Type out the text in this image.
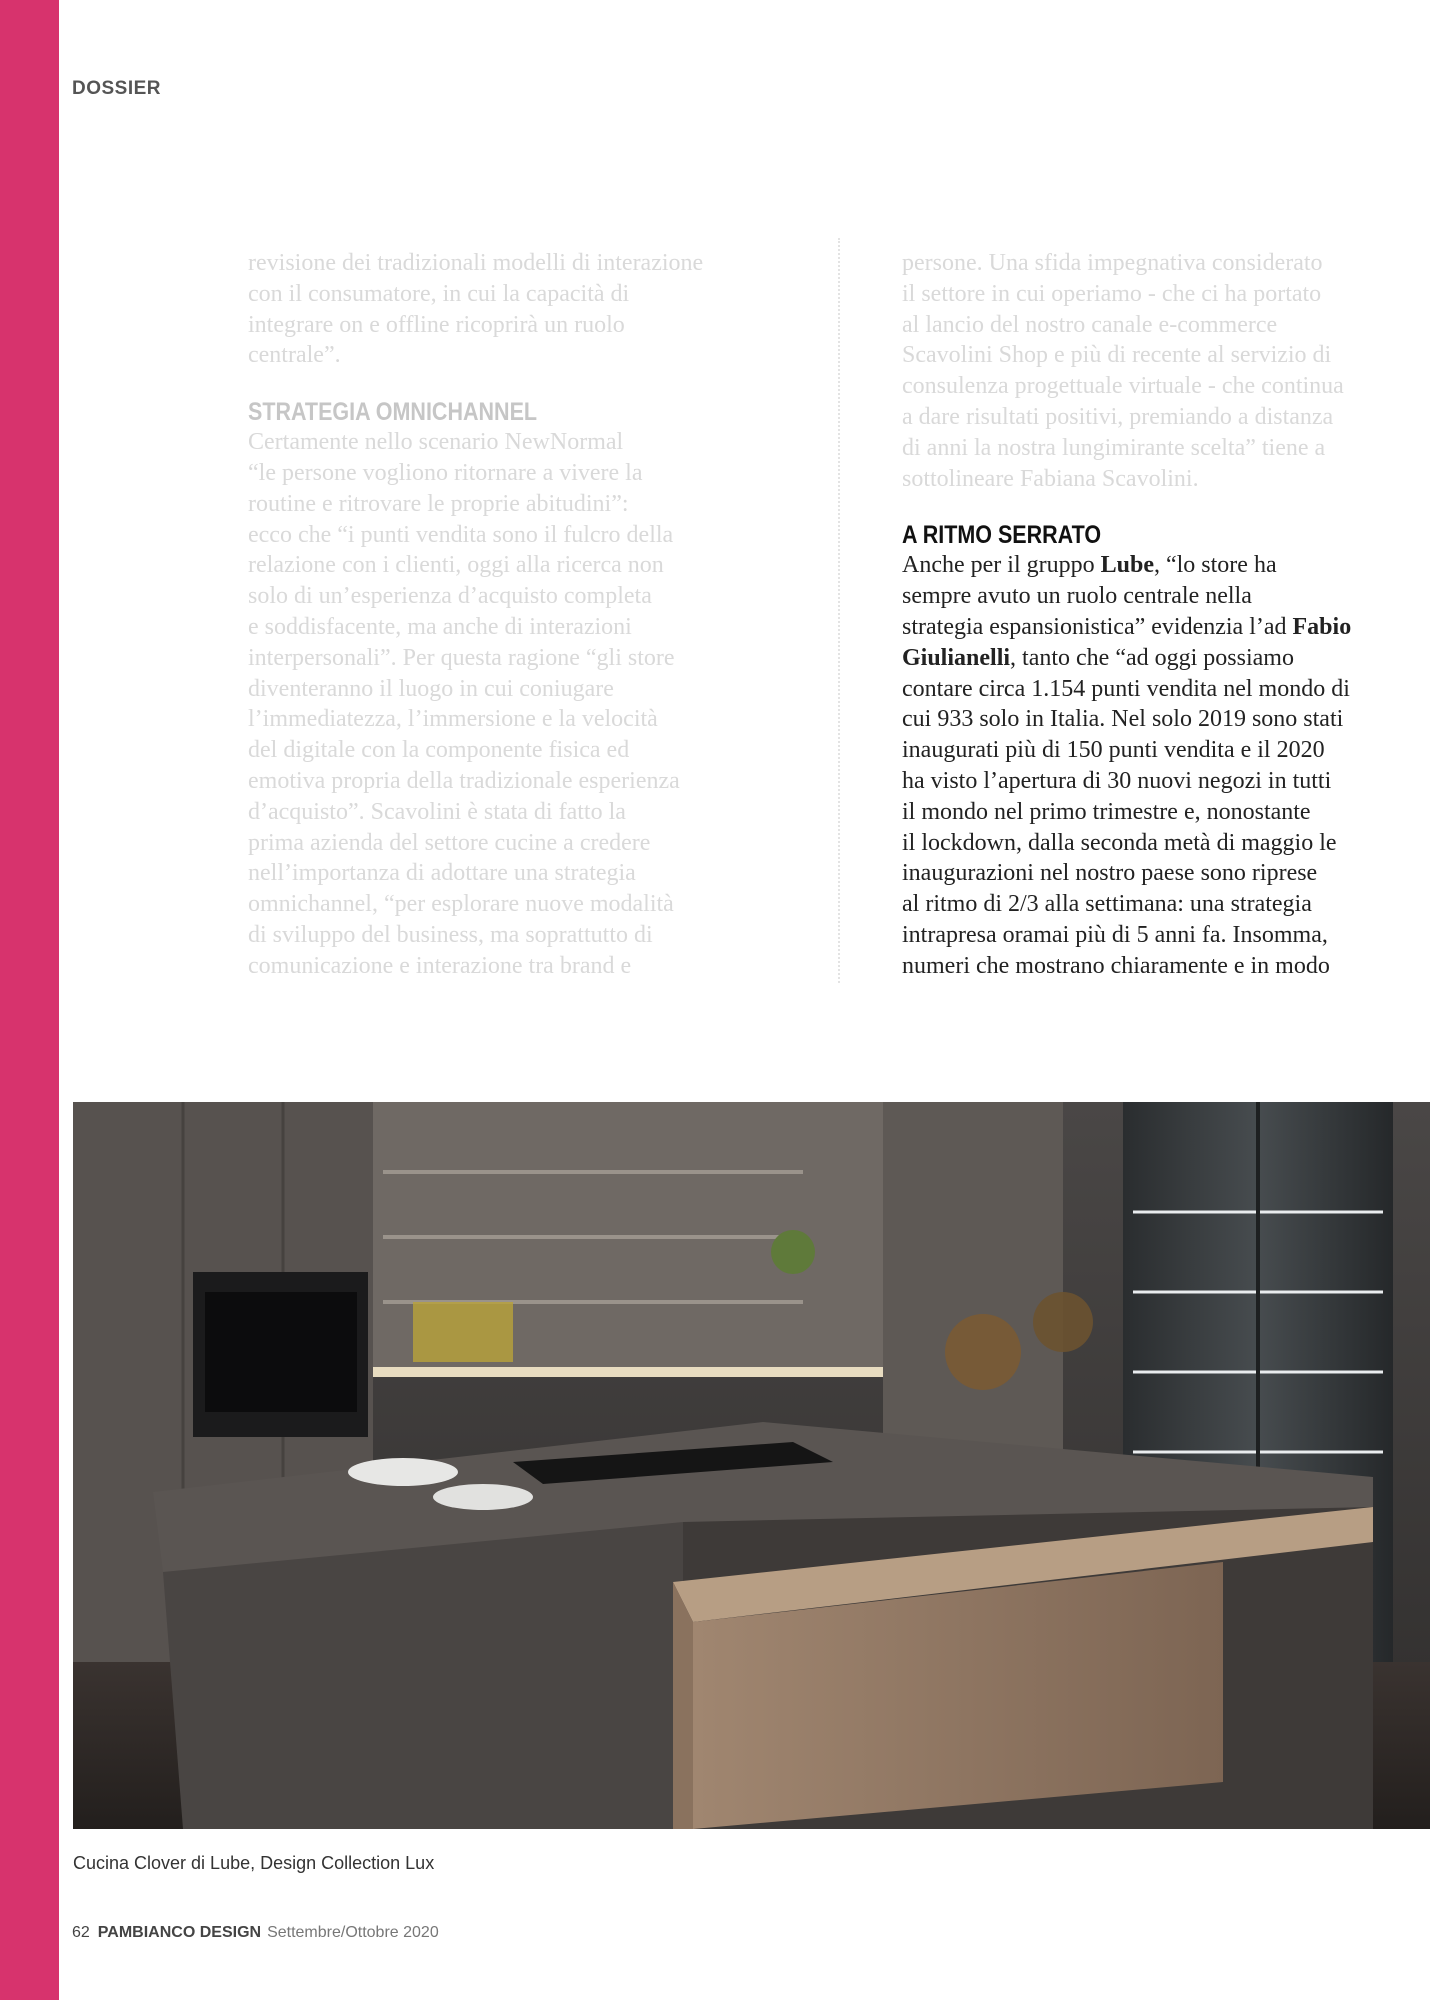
DOSSIER

revisione dei tradizionali modelli di interazione

con il consumatore, in cui la capacità di

integrare on e offline ricoprirà un ruolo

centrale”.

STRATEGIA OMNICHANNEL

Certamente nello scenario NewNormal

“le persone vogliono ritornare a vivere la

routine e ritrovare le proprie abitudini”:

ecco che “i punti vendita sono il fulcro della

relazione con i clienti, oggi alla ricerca non

solo di un’esperienza d’acquisto completa

e soddisfacente, ma anche di interazioni

interpersonali”. Per questa ragione “gli store

diventeranno il luogo in cui coniugare

l’immediatezza, l’immersione e la velocità

del digitale con la componente fisica ed

emotiva propria della tradizionale esperienza

d’acquisto”. Scavolini è stata di fatto la

prima azienda del settore cucine a credere

nell’importanza di adottare una strategia

omnichannel, “per esplorare nuove modalità

di sviluppo del business, ma soprattutto di

comunicazione e interazione tra brand e

persone. Una sfida impegnativa considerato

il settore in cui operiamo - che ci ha portato

al lancio del nostro canale e-commerce

Scavolini Shop e più di recente al servizio di

consulenza progettuale virtuale - che continua

a dare risultati positivi, premiando a distanza

di anni la nostra lungimirante scelta” tiene a

sottolineare Fabiana Scavolini.

A RITMO SERRATO

Anche per il gruppo Lube, “lo store ha

sempre avuto un ruolo centrale nella

strategia espansionistica” evidenzia l’ad Fabio

Giulianelli, tanto che “ad oggi possiamo

contare circa 1.154 punti vendita nel mondo di

cui 933 solo in Italia. Nel solo 2019 sono stati

inaugurati più di 150 punti vendita e il 2020

ha visto l’apertura di 30 nuovi negozi in tutti

il mondo nel primo trimestre e, nonostante

il lockdown, dalla seconda metà di maggio le

inaugurazioni nel nostro paese sono riprese

al ritmo di 2/3 alla settimana: una strategia

intrapresa oramai più di 5 anni fa. Insomma,

numeri che mostrano chiaramente e in modo

Cucina Clover di Lube, Design Collection Lux
62 PAMBIANCO DESIGN Settembre/Ottobre 2020
